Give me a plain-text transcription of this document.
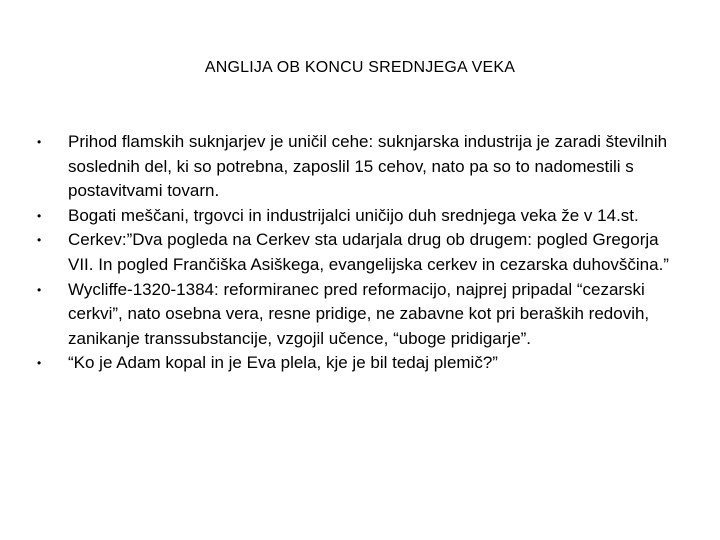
ANGLIJA OB KONCU SREDNJEGA VEKA
•	Prihod flamskih suknjarjev je uničil cehe: suknjarska industrija je zaradi številnih soslednih del, ki so potrebna, zaposlil 15 cehov, nato pa so to nadomestili s postavitvami tovarn.
•	Bogati meščani, trgovci in industrijalci uničijo duh srednjega veka že v 14.st.
•	Cerkev:”Dva pogleda na Cerkev sta udarjala drug ob drugem: pogled Gregorja VII. In pogled Frančiška Asiškega, evangelijska cerkev in cezarska duhovščina.”
•	Wycliffe-1320-1384: reformiranec pred reformacijo, najprej pripadal “cezarski cerkvi”, nato osebna vera, resne pridige, ne zabavne kot pri beraških redovih, zanikanje transsubstancije, vzgojil učence, “uboge pridigarje”.
•	“Ko je Adam kopal in je Eva plela, kje je bil tedaj plemič?”
